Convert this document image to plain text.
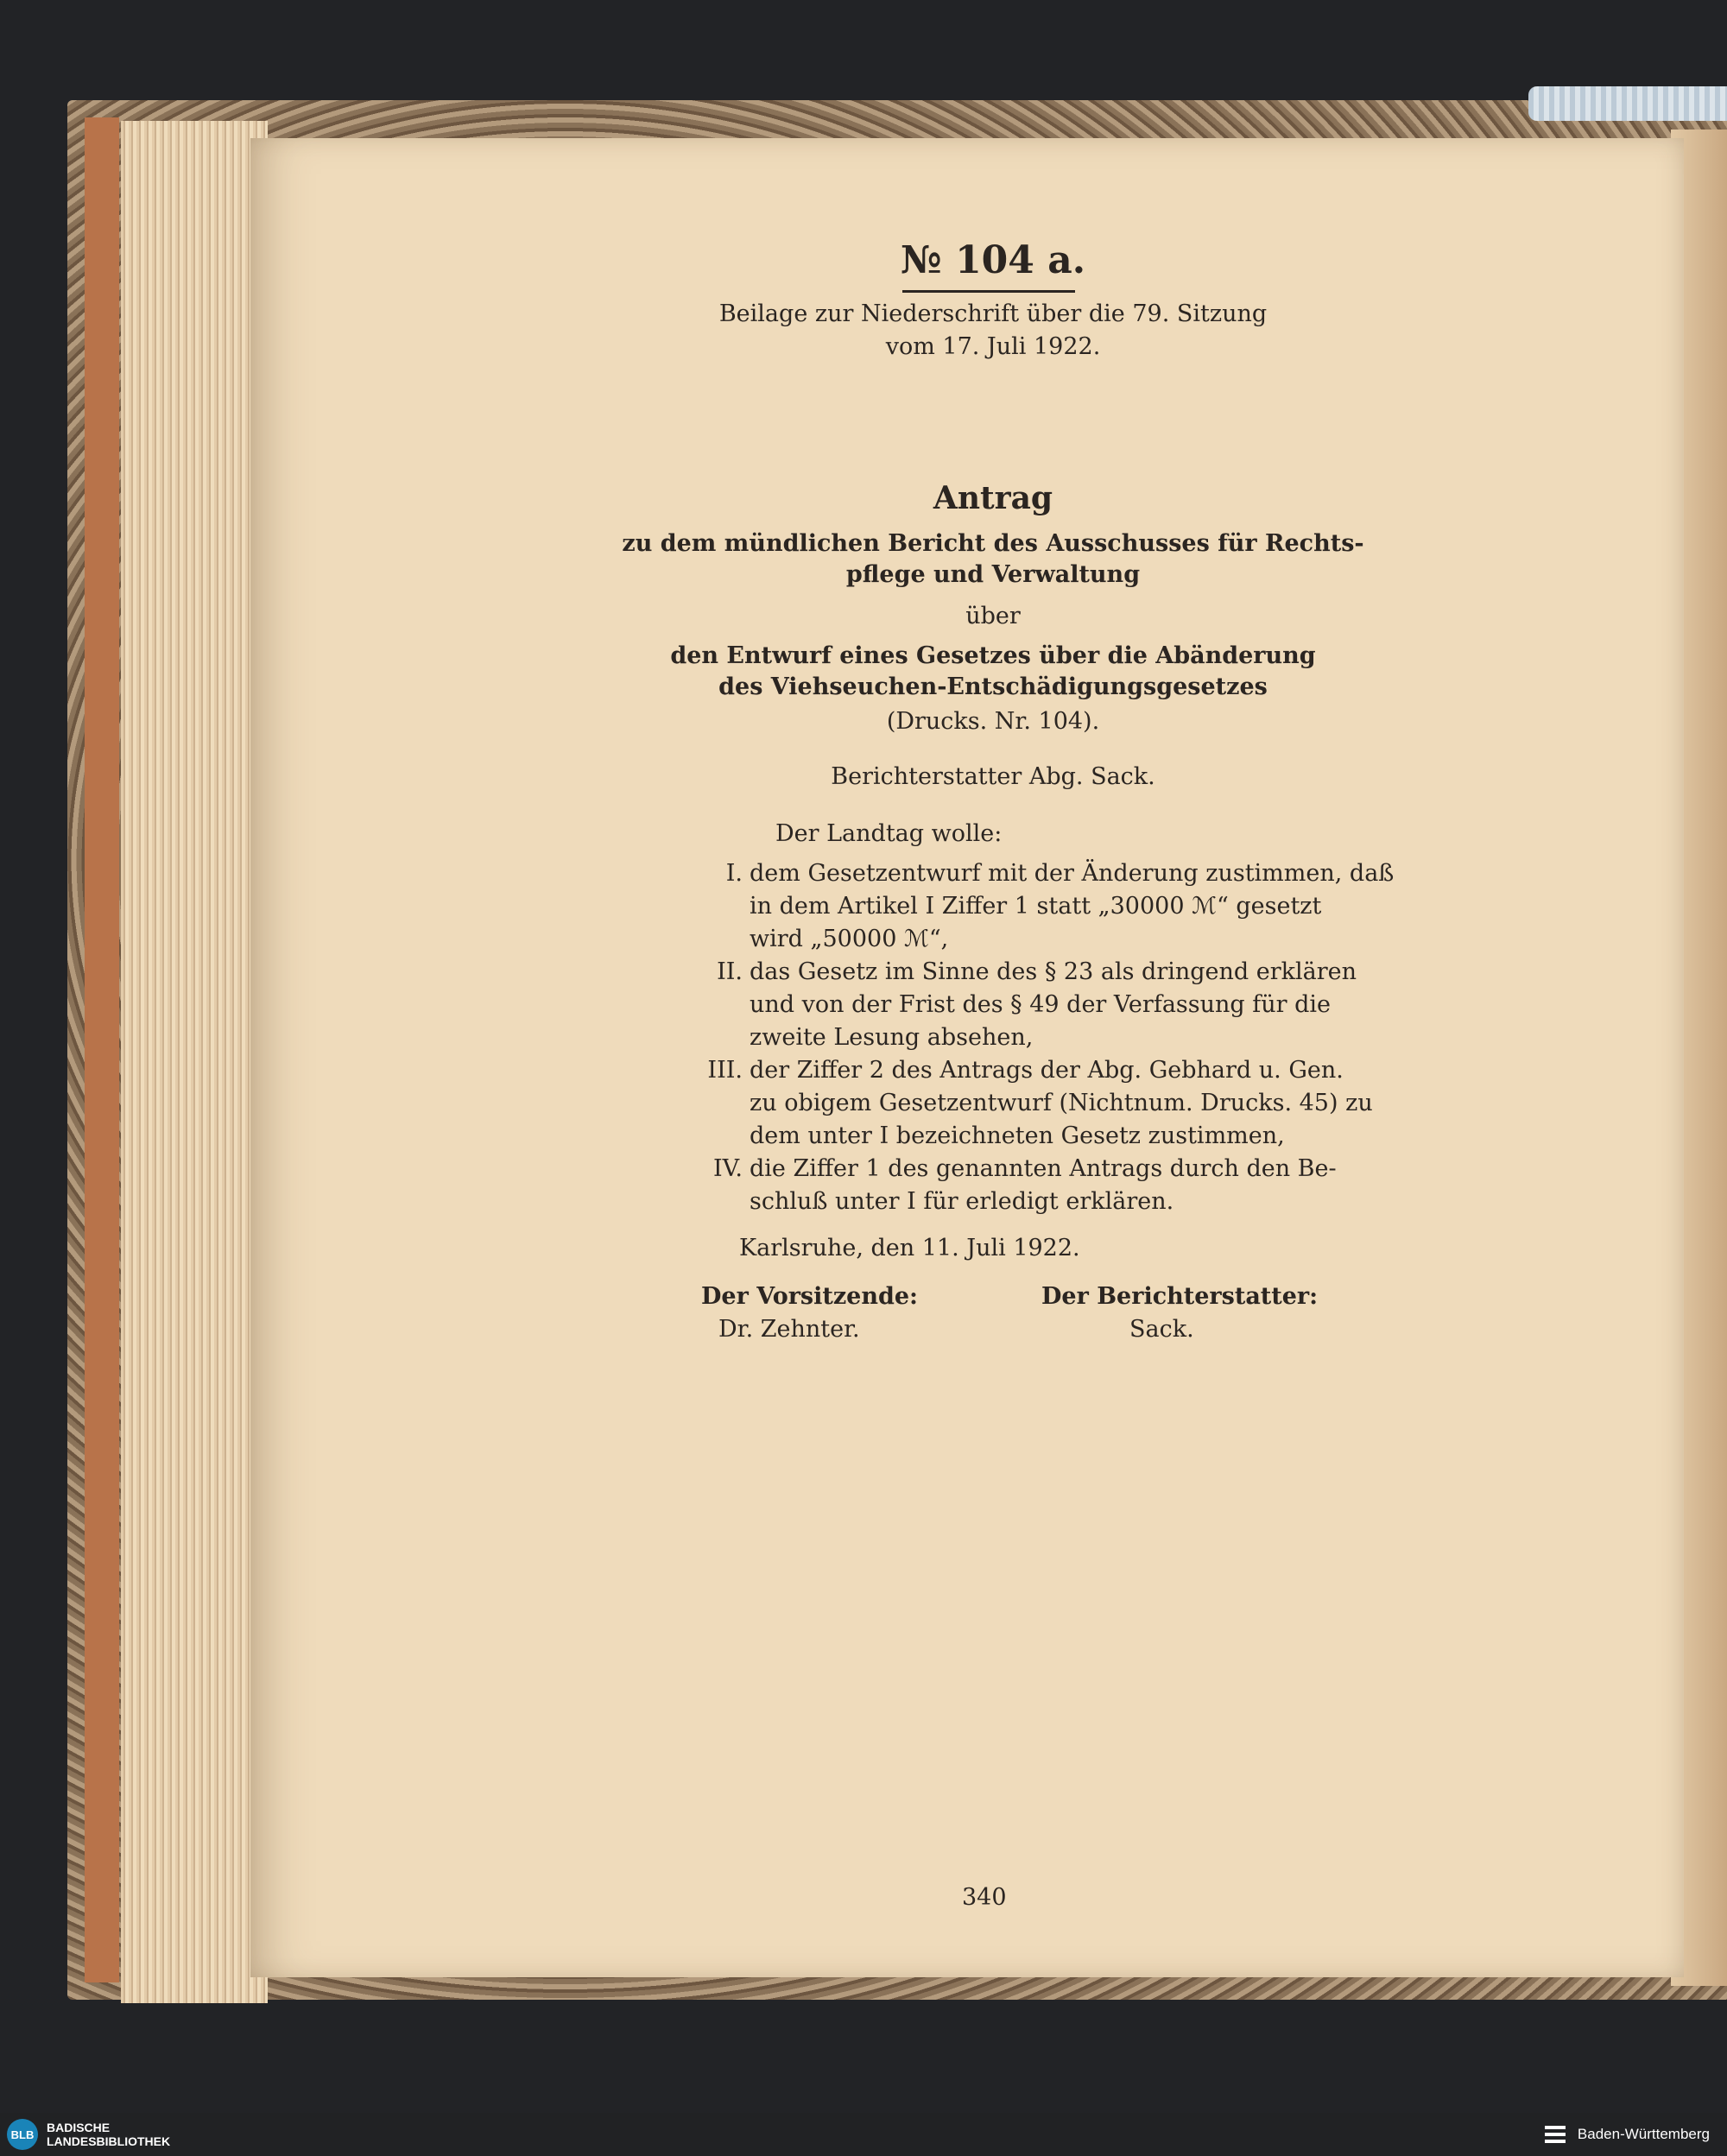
№ 104 a.
Beilage zur Niederschrift über die 79. Sitzung
vom 17. Juli 1922.
Antrag
zu dem mündlichen Bericht des Ausschusses für Rechts-
pflege und Verwaltung
über
den Entwurf eines Gesetzes über die Abänderung
des Viehseuchen-Entschädigungsgesetzes
(Drucks. Nr. 104).
Berichterstatter Abg. Sack.
Der Landtag wolle:
I. dem Gesetzentwurf mit der Änderung zustimmen, daß
in dem Artikel I Ziffer 1 statt „30000 ℳ“ gesetzt
wird „50000 ℳ“,
II. das Gesetz im Sinne des § 23 als dringend erklären
und von der Frist des § 49 der Verfassung für die
zweite Lesung absehen,
III. der Ziffer 2 des Antrags der Abg. Gebhard u. Gen.
zu obigem Gesetzentwurf (Nichtnum. Drucks. 45) zu
dem unter I bezeichneten Gesetz zustimmen,
IV. die Ziffer 1 des genannten Antrags durch den Be-
schluß unter I für erledigt erklären.
Karlsruhe, den 11. Juli 1922.
Der Vorsitzende:
Dr. Zehnter.
Der Berichterstatter:
Sack.
340
BLB	BADISCHE
LANDESBIBLIOTHEK	Baden-Württemberg
